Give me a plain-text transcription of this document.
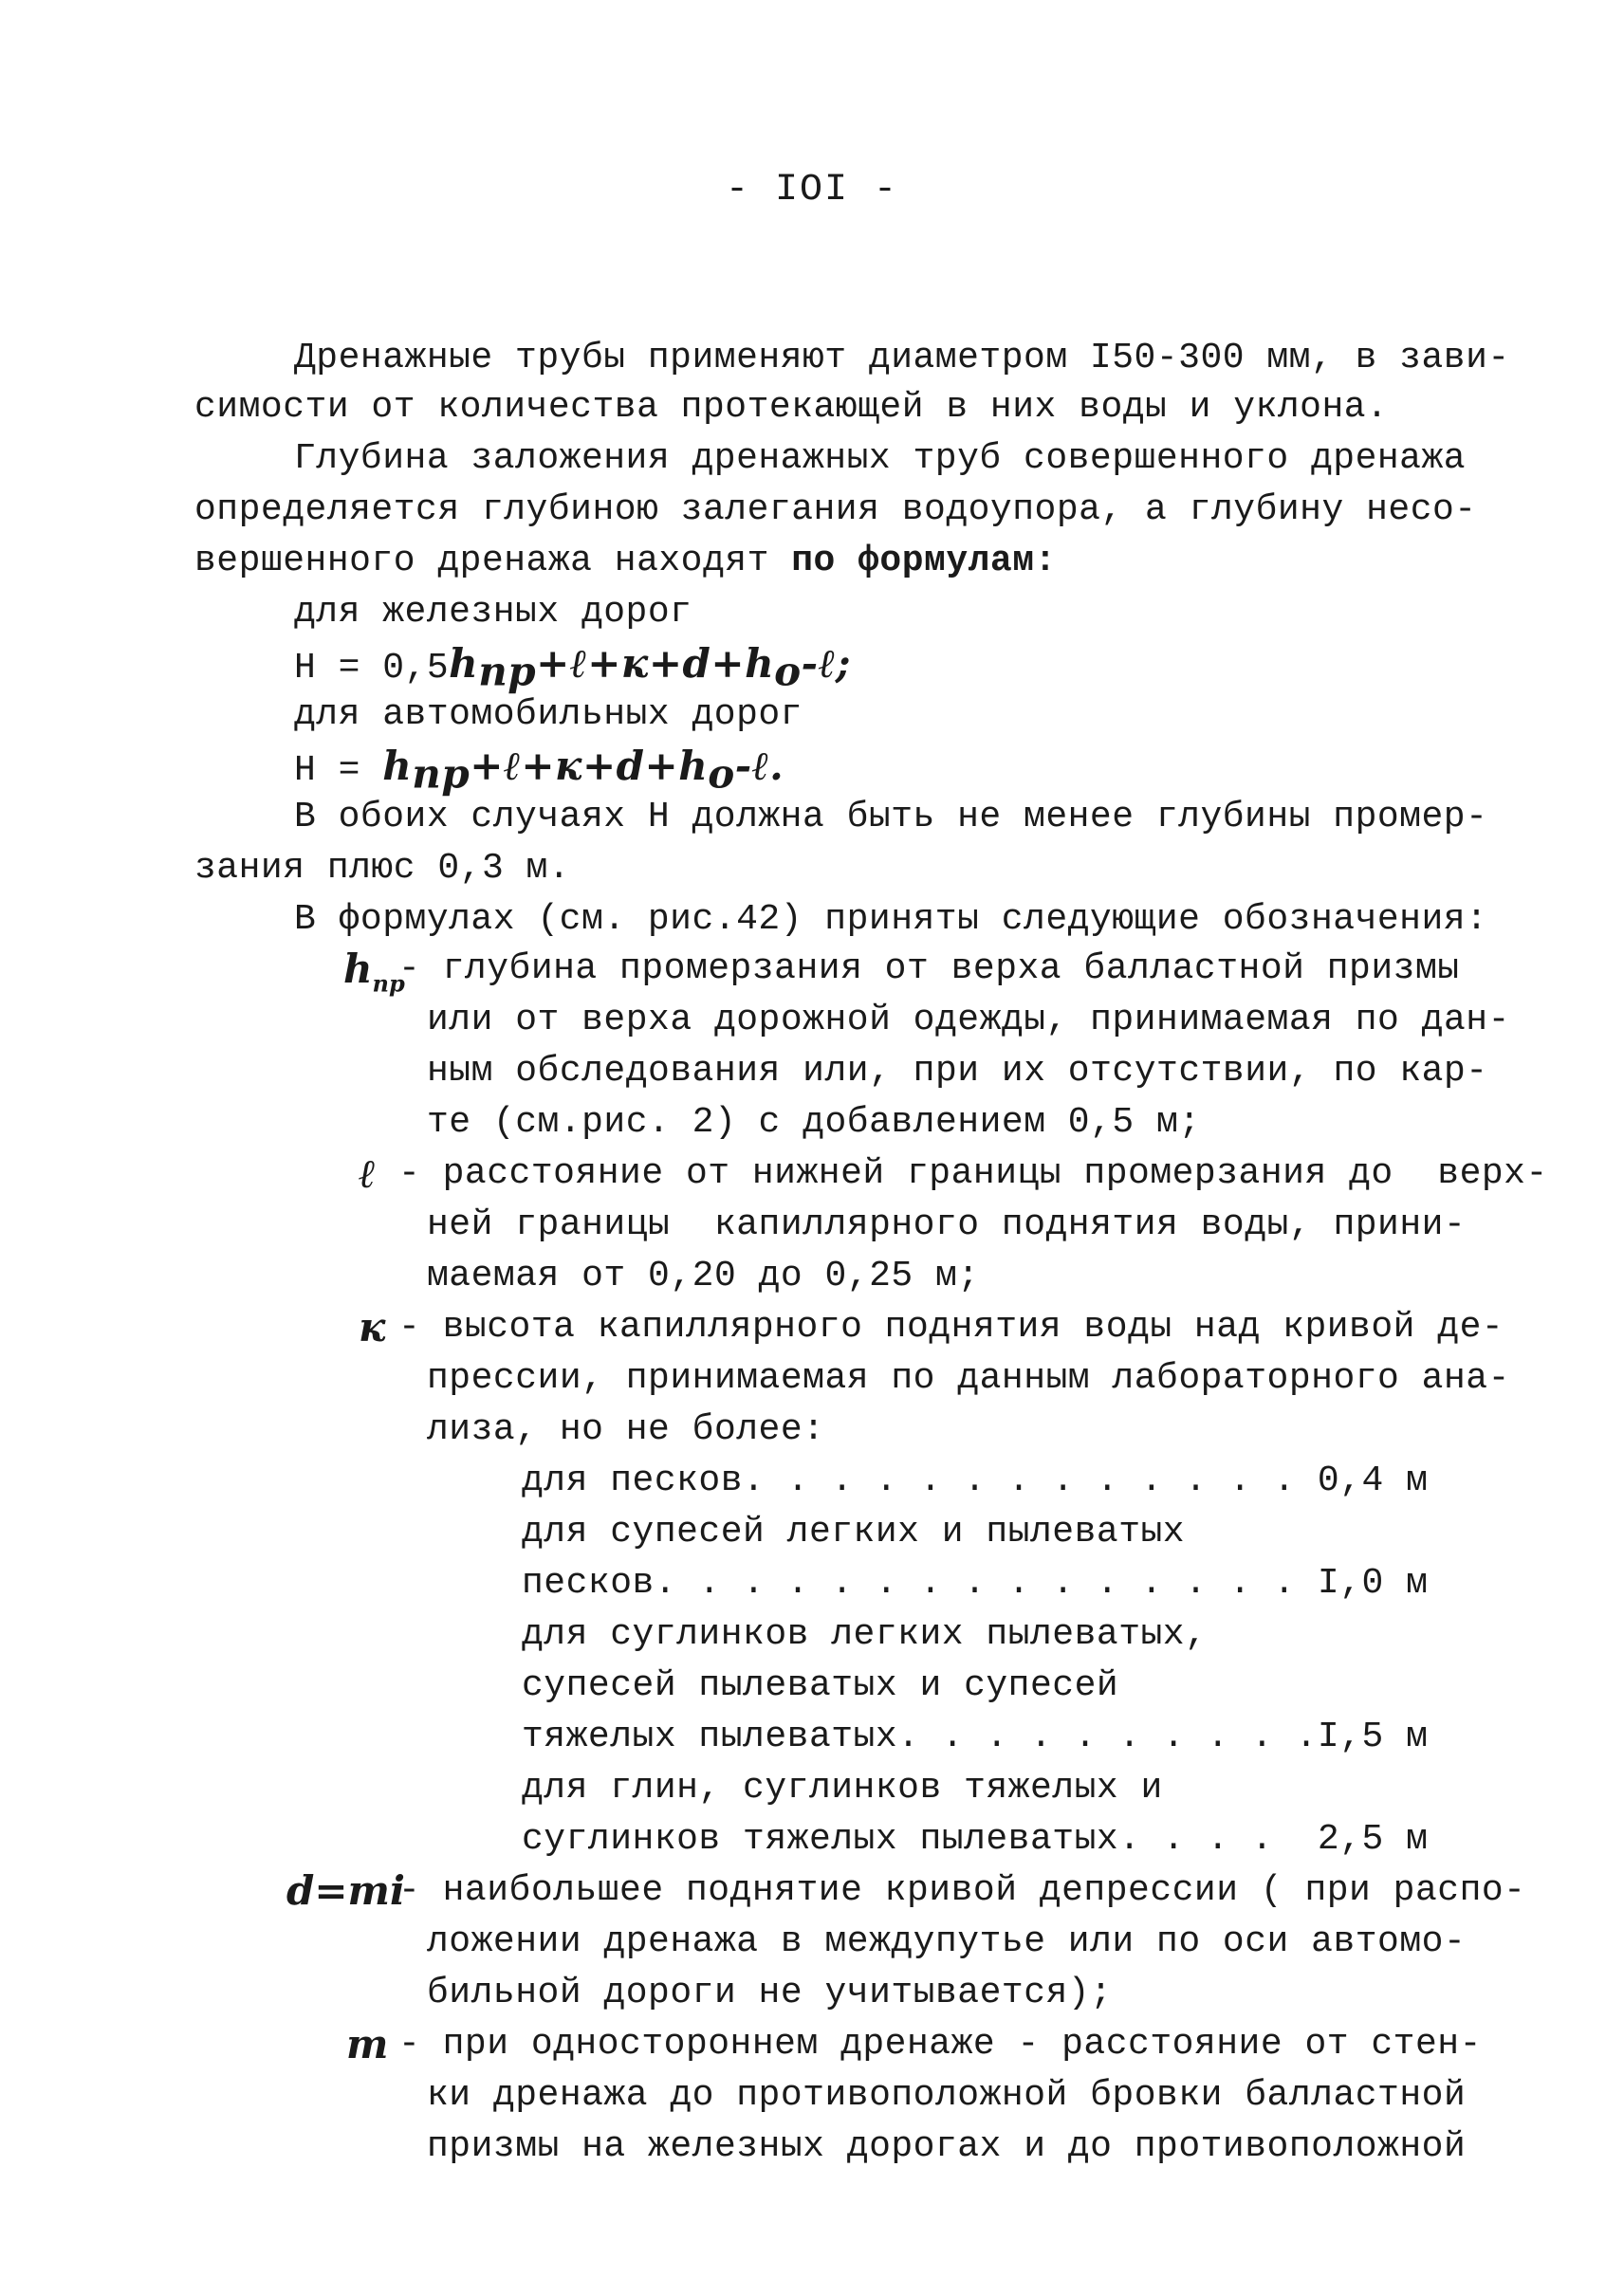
- IOI -
Дренажные трубы применяют диаметром I50-300 мм, в зави-
симости от количества протекающей в них воды и уклона.
Глубина заложения дренажных труб совершенного дренажа
определяется глубиною залегания водоупора, а глубину несо-
вершенного дренажа находят по формулам:
для железных дорог
$Н = 0,5h_{пр}+\ell+к+d+h_о-\ell$;
для автомобильных дорог
$Н = h_{пр}+\ell+к+d+h_о-\ell$.
В обоих случаях Н должна быть не менее глубины промер-
зания плюс 0,3 м.
В формулах (см. рис.42) приняты следующие обозначения:
$h_{пр}$
- глубина промерзания от верха балластной призмы
или от верха дорожной одежды, принимаемая по дан-
ным обследования или, при их отсутствии, по кар-
те (см.рис. 2) с добавлением 0,5 м;
ℓ - расстояние от нижней границы промерзания до  верх-
ней границы  капиллярного поднятия воды, прини-
маемая от 0,20 до 0,25 м;
к - высота капиллярного поднятия воды над кривой де-
прессии, принимаемая по данным лабораторного ана-
лиза, но не более:
для песков. . . . . . . . . . . . . 0,4 м
для супесей легких и пылеватых
песков. . . . . . . . . . . . . . . I,0 м
для суглинков легких пылеватых,
супесей пылеватых и супесей
тяжелых пылеватых. . . . . . . . . .I,5 м
для глин, суглинков тяжелых и
суглинков тяжелых пылеватых. . . .  2,5 м
d=mi
- наибольшее поднятие кривой депрессии ( при распо-
ложении дренажа в междупутье или по оси автомо-
бильной дороги не учитывается);
m - при одностороннем дренаже - расстояние от стен-
ки дренажа до противоположной бровки балластной
призмы на железных дорогах и до противоположной
